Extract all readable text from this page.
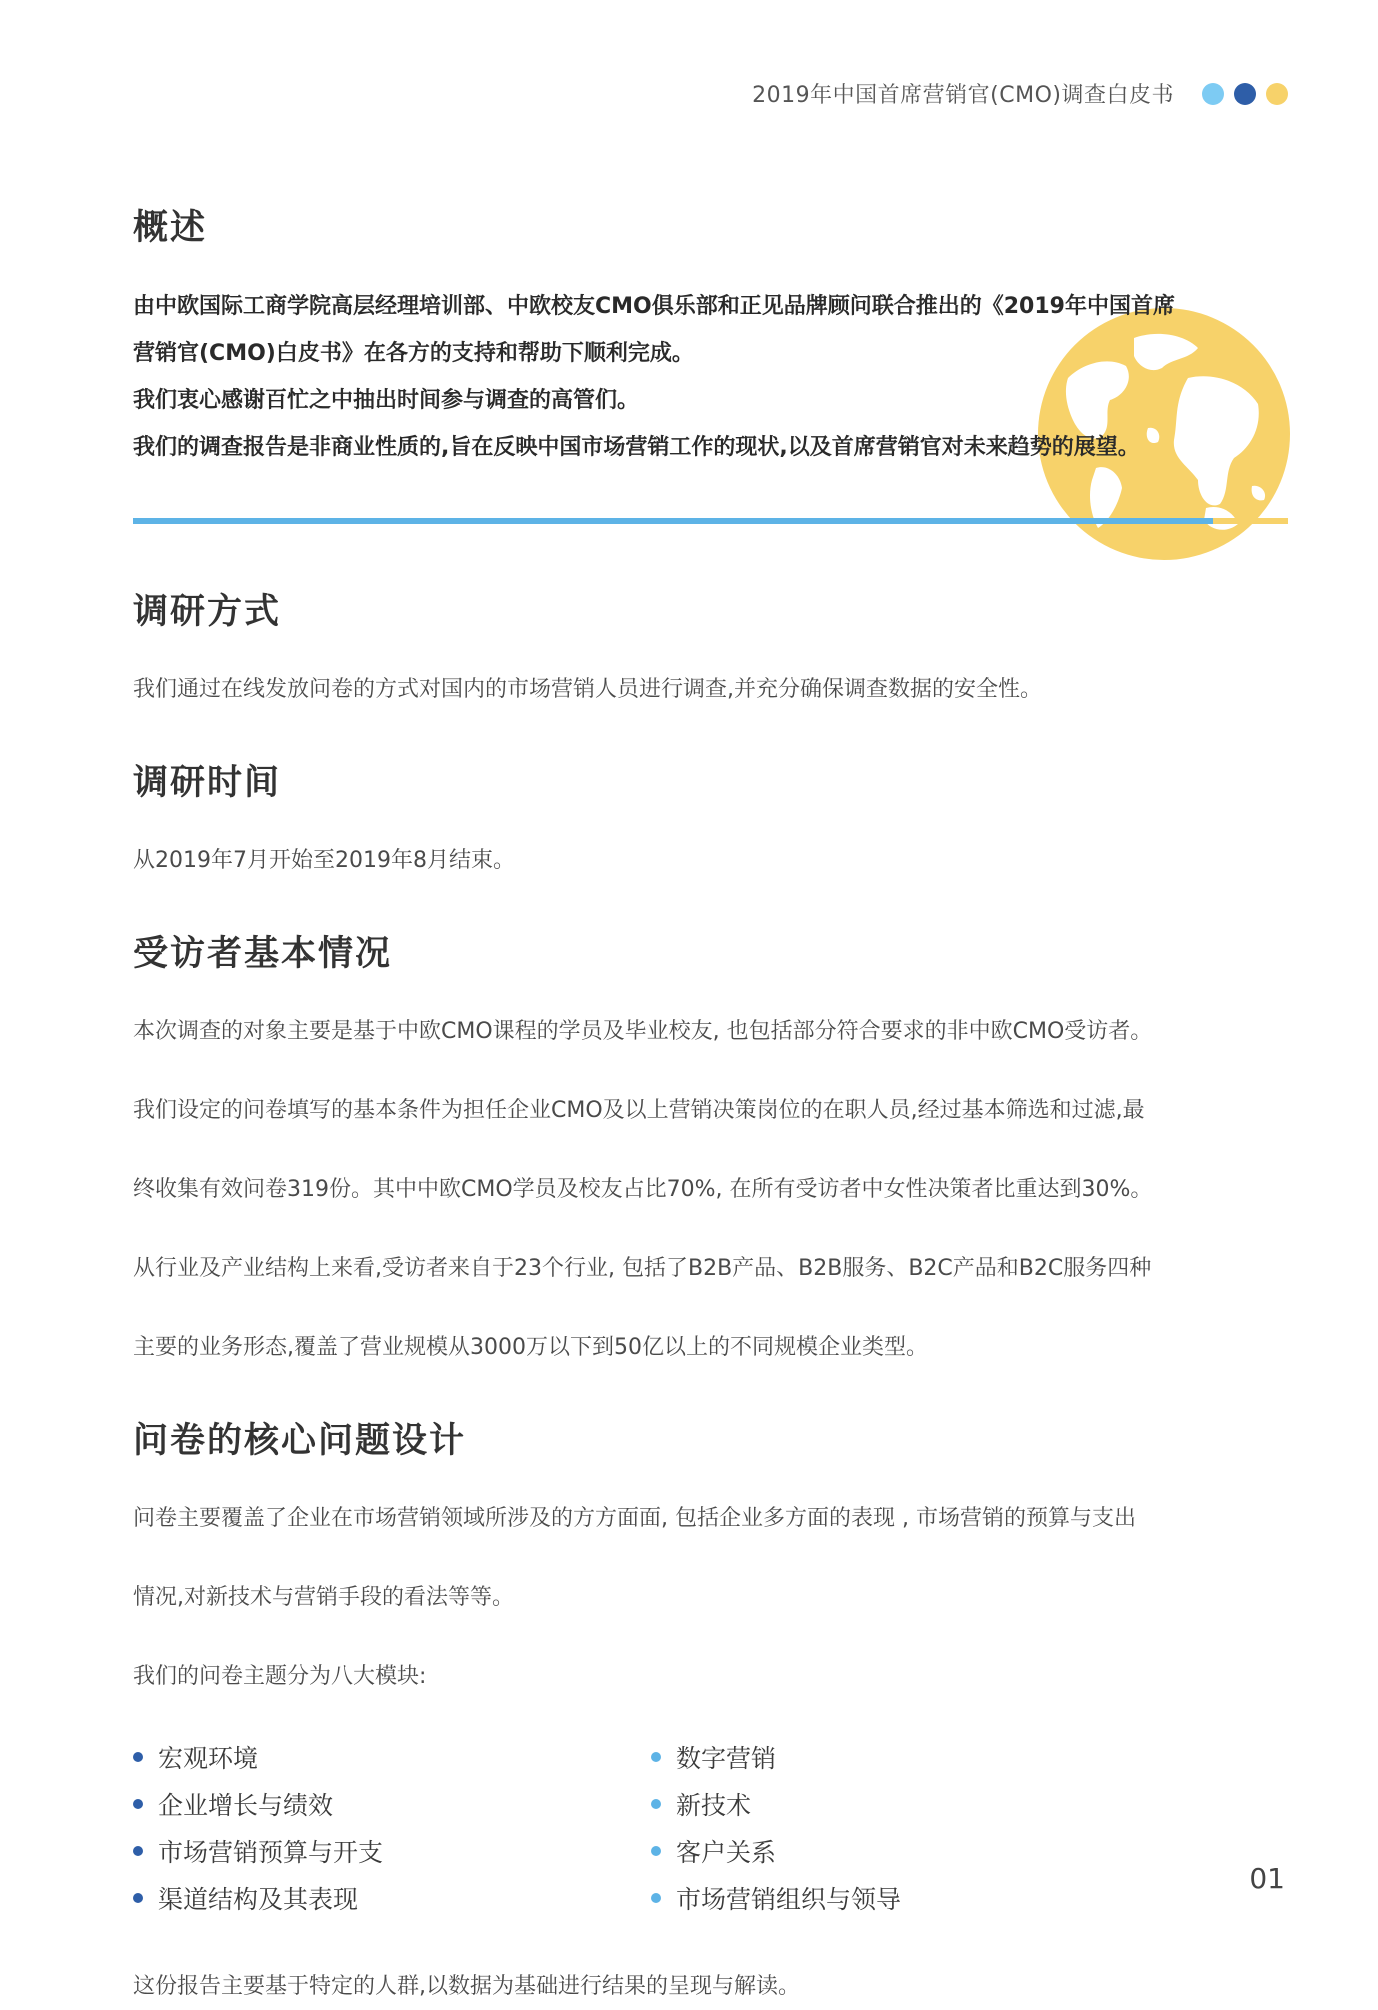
2019年中国首席营销官(CMO)调查白皮书
概述

由中欧国际工商学院高层经理培训部、中欧校友CMO俱乐部和正见品牌顾问联合推出的《2019年中国首席

营销官(CMO)白皮书》在各方的支持和帮助下顺利完成。

我们衷心感谢百忙之中抽出时间参与调查的高管们。

我们的调查报告是非商业性质的,旨在反映中国市场营销工作的现状,以及首席营销官对未来趋势的展望。

调研方式

我们通过在线发放问卷的方式对国内的市场营销人员进行调查,并充分确保调查数据的安全性。

调研时间

从2019年7月开始至2019年8月结束。

受访者基本情况

本次调查的对象主要是基于中欧CMO课程的学员及毕业校友, 也包括部分符合要求的非中欧CMO受访者。

我们设定的问卷填写的基本条件为担任企业CMO及以上营销决策岗位的在职人员,经过基本筛选和过滤,最

终收集有效问卷319份。其中中欧CMO学员及校友占比70%, 在所有受访者中女性决策者比重达到30%。

从行业及产业结构上来看,受访者来自于23个行业, 包括了B2B产品、B2B服务、B2C产品和B2C服务四种

主要的业务形态,覆盖了营业规模从3000万以下到50亿以上的不同规模企业类型。

问卷的核心问题设计

问卷主要覆盖了企业在市场营销领域所涉及的方方面面, 包括企业多方面的表现 , 市场营销的预算与支出

情况,对新技术与营销手段的看法等等。

我们的问卷主题分为八大模块:

宏观环境
企业增长与绩效
市场营销预算与开支
渠道结构及其表现
数字营销
新技术
客户关系
市场营销组织与领导

这份报告主要基于特定的人群,以数据为基础进行结果的呈现与解读。

01
